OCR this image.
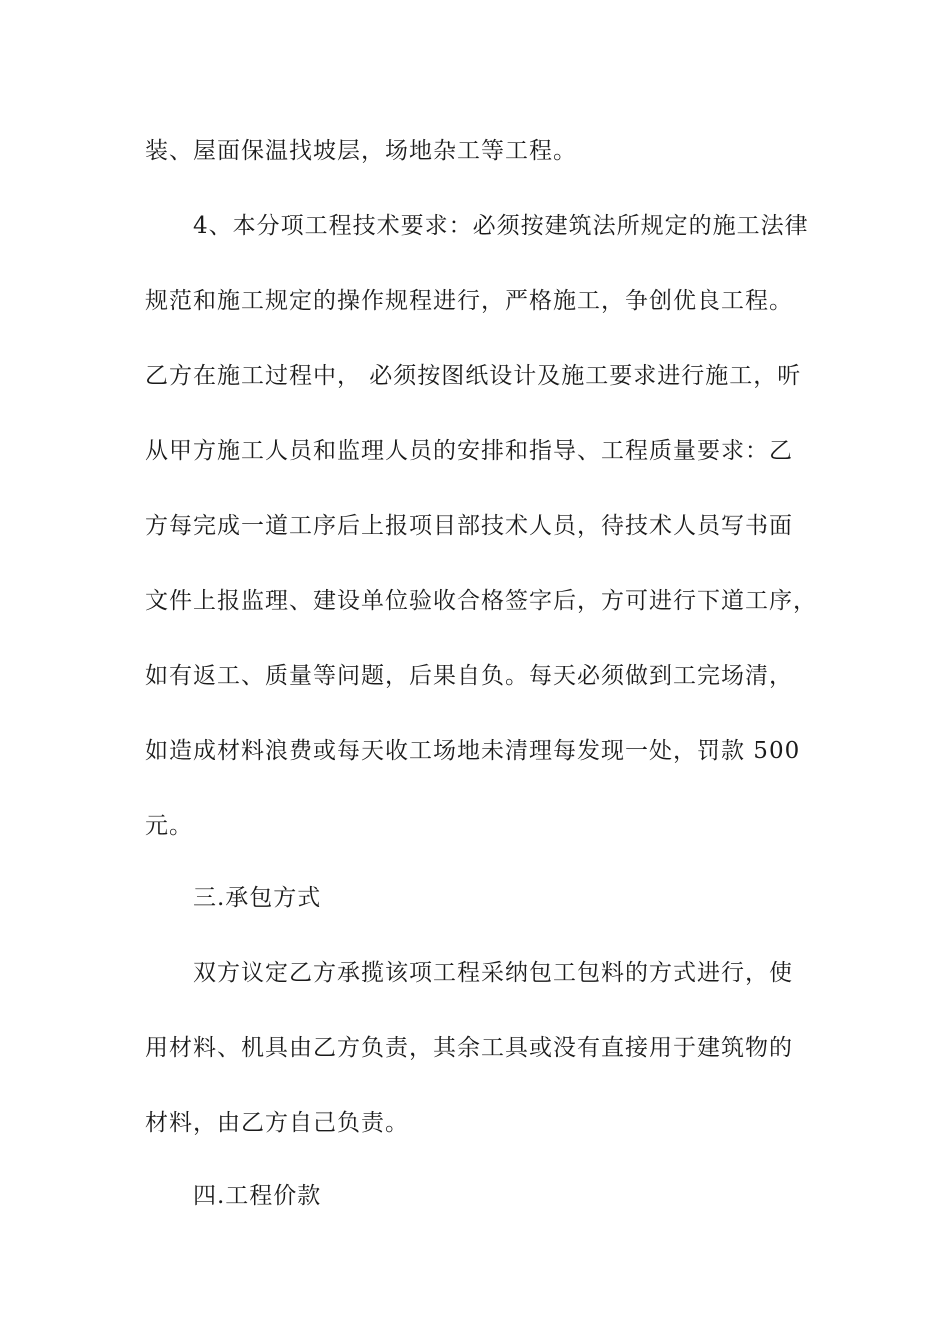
装、屋面保温找坡层，场地杂工等工程。
4、本分项工程技术要求：必须按建筑法所规定的施工法律
规范和施工规定的操作规程进行，严格施工，争创优良工程。
乙方在施工过程中， 必须按图纸设计及施工要求进行施工，听
从甲方施工人员和监理人员的安排和指导、工程质量要求：乙
方每完成一道工序后上报项目部技术人员，待技术人员写书面
文件上报监理、建设单位验收合格签字后，方可进行下道工序，
如有返工、质量等问题，后果自负。每天必须做到工完场清，
如造成材料浪费或每天收工场地未清理每发现一处，罚款 500
元。
三.承包方式
双方议定乙方承揽该项工程采纳包工包料的方式进行，使
用材料、机具由乙方负责，其余工具或没有直接用于建筑物的
材料，由乙方自己负责。
四.工程价款
